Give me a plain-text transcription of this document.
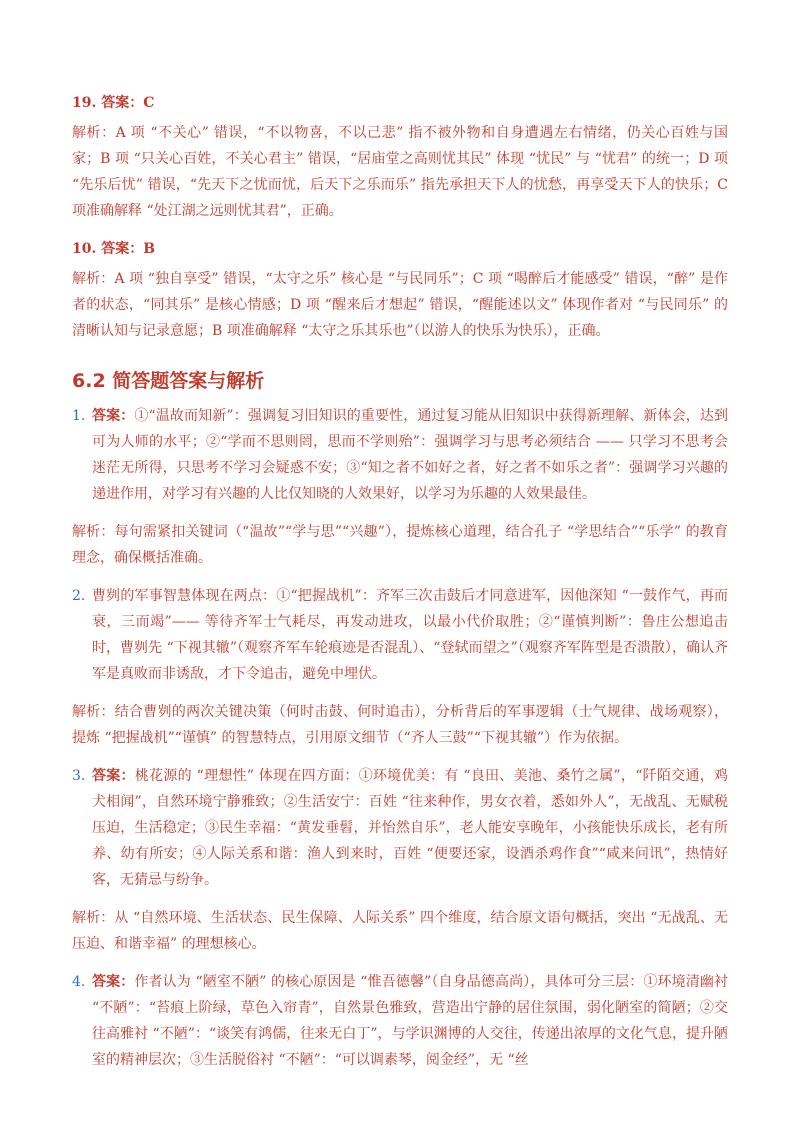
19. 答案：C

解析：A 项 “不关心” 错误，“不以物喜，不以己悲” 指不被外物和自身遭遇左右情绪，仍关心百姓与国家；B 项 “只关心百姓，不关心君主” 错误，“居庙堂之高则忧其民” 体现 “忧民” 与 “忧君” 的统一；D 项 “先乐后忧” 错误，“先天下之忧而忧，后天下之乐而乐” 指先承担天下人的忧愁，再享受天下人的快乐；C 项准确解释 “处江湖之远则忧其君”，正确。

10. 答案：B

解析：A 项 “独自享受” 错误，“太守之乐” 核心是 “与民同乐”；C 项 “喝醉后才能感受” 错误，“醉” 是作者的状态，“同其乐” 是核心情感；D 项 “醒来后才想起” 错误，“醒能述以文” 体现作者对 “与民同乐” 的清晰认知与记录意愿；B 项准确解释 “太守之乐其乐也”（以游人的快乐为快乐），正确。

6.2 简答题答案与解析
1. 答案：①“温故而知新”：强调复习旧知识的重要性，通过复习能从旧知识中获得新理解、新体会，达到可为人师的水平；②“学而不思则罔，思而不学则殆”：强调学习与思考必须结合 —— 只学习不思考会迷茫无所得，只思考不学习会疑惑不安；③“知之者不如好之者，好之者不如乐之者”：强调学习兴趣的递进作用，对学习有兴趣的人比仅知晓的人效果好，以学习为乐趣的人效果最佳。

解析：每句需紧扣关键词（“温故”“学与思”“兴趣”），提炼核心道理，结合孔子 “学思结合”“乐学” 的教育理念，确保概括准确。

2. 曹刿的军事智慧体现在两点：①“把握战机”：齐军三次击鼓后才同意进军，因他深知 “一鼓作气，再而衰，三而竭”—— 等待齐军士气耗尽，再发动进攻，以最小代价取胜；②“谨慎判断”：鲁庄公想追击时，曹刿先 “下视其辙”（观察齐军车轮痕迹是否混乱）、“登轼而望之”（观察齐军阵型是否溃散），确认齐军是真败而非诱敌，才下令追击，避免中埋伏。

解析：结合曹刿的两次关键决策（何时击鼓、何时追击），分析背后的军事逻辑（士气规律、战场观察），提炼 “把握战机”“谨慎” 的智慧特点，引用原文细节（“齐人三鼓”“下视其辙”）作为依据。

3. 答案：桃花源的 “理想性” 体现在四方面：①环境优美：有 “良田、美池、桑竹之属”，“阡陌交通，鸡犬相闻”，自然环境宁静雅致；②生活安宁：百姓 “往来种作，男女衣着，悉如外人”，无战乱、无赋税压迫，生活稳定；③民生幸福：“黄发垂髫，并怡然自乐”，老人能安享晚年，小孩能快乐成长，老有所养、幼有所安；④人际关系和谐：渔人到来时，百姓 “便要还家，设酒杀鸡作食”“咸来问讯”，热情好客，无猜忌与纷争。

解析：从 “自然环境、生活状态、民生保障、人际关系” 四个维度，结合原文语句概括，突出 “无战乱、无压迫、和谐幸福” 的理想核心。

4. 答案：作者认为 “陋室不陋” 的核心原因是 “惟吾德馨”（自身品德高尚），具体可分三层：①环境清幽衬 “不陋”：“苔痕上阶绿，草色入帘青”，自然景色雅致，营造出宁静的居住氛围，弱化陋室的简陋；②交往高雅衬 “不陋”：“谈笑有鸿儒，往来无白丁”，与学识渊博的人交往，传递出浓厚的文化气息，提升陋室的精神层次；③生活脱俗衬 “不陋”：“可以调素琴，阅金经”，无 “丝
